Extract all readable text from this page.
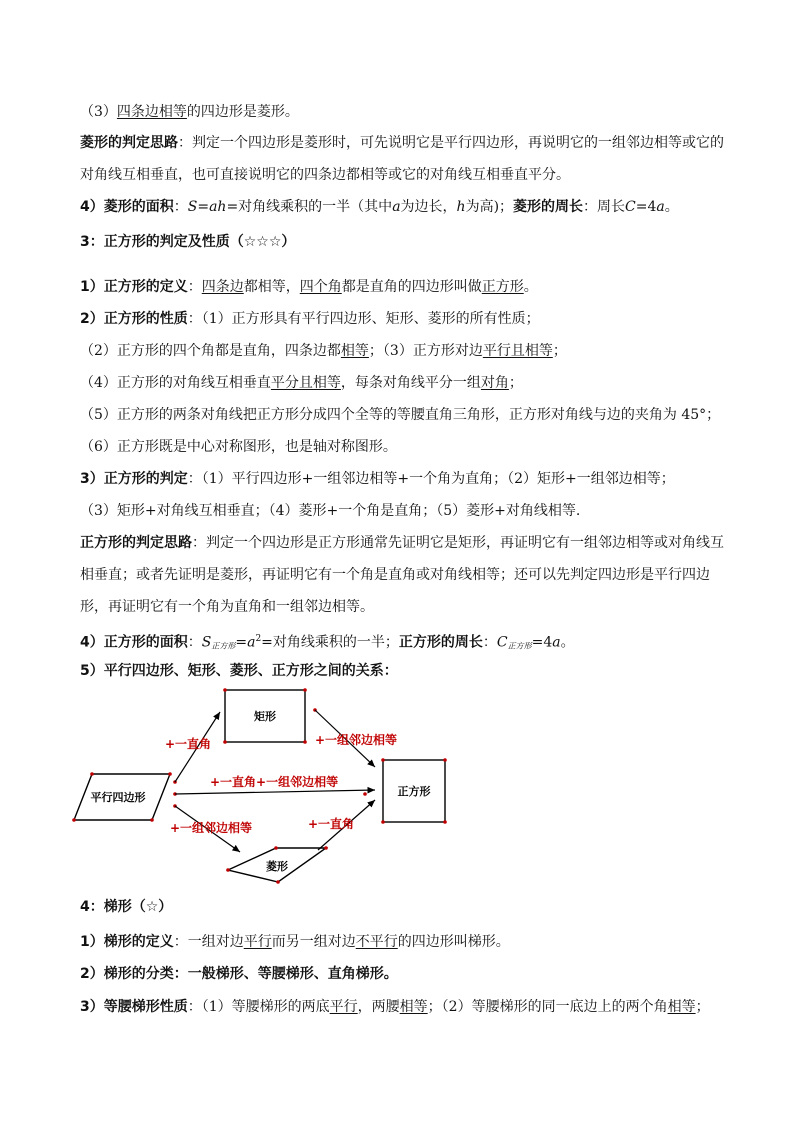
（3）四条边相等的四边形是菱形。
菱形的判定思路：判定一个四边形是菱形时，可先说明它是平行四边形，再说明它的一组邻边相等或它的
对角线互相垂直，也可直接说明它的四条边都相等或它的对角线互相垂直平分。
4）菱形的面积：S=ah=对角线乘积的一半（其中a为边长，h为高)；菱形的周长：周长C=4a。
3：正方形的判定及性质（☆☆☆）
1）正方形的定义：四条边都相等，四个角都是直角的四边形叫做正方形。
2）正方形的性质：（1）正方形具有平行四边形、矩形、菱形的所有性质；
（2）正方形的四个角都是直角，四条边都相等；（3）正方形对边平行且相等；
（4）正方形的对角线互相垂直平分且相等，每条对角线平分一组对角；
（5）正方形的两条对角线把正方形分成四个全等的等腰直角三角形，正方形对角线与边的夹角为 45°；
（6）正方形既是中心对称图形，也是轴对称图形。
3）正方形的判定：（1）平行四边形+一组邻边相等+一个角为直角；（2）矩形+一组邻边相等；
（3）矩形+对角线互相垂直；（4）菱形+一个角是直角；（5）菱形+对角线相等.
正方形的判定思路：判定一个四边形是正方形通常先证明它是矩形，再证明它有一组邻边相等或对角线互
相垂直；或者先证明是菱形，再证明它有一个角是直角或对角线相等；还可以先判定四边形是平行四边
形，再证明它有一个角为直角和一组邻边相等。
4）正方形的面积：$S_{正方形}=a^2=$对角线乘积的一半；正方形的周长：$C_{正方形}=4a$。
5）平行四边形、矩形、菱形、正方形之间的关系：
平行四边形
矩形
正方形
菱形
+一直角	+一组邻边相等
+一直角+一组邻边相等
+一组邻边相等	+一直角
4：梯形（☆）
1）梯形的定义：一组对边平行而另一组对边不平行的四边形叫梯形。
2）梯形的分类：一般梯形、等腰梯形、直角梯形。
3）等腰梯形性质：（1）等腰梯形的两底平行，两腰相等；（2）等腰梯形的同一底边上的两个角相等；
